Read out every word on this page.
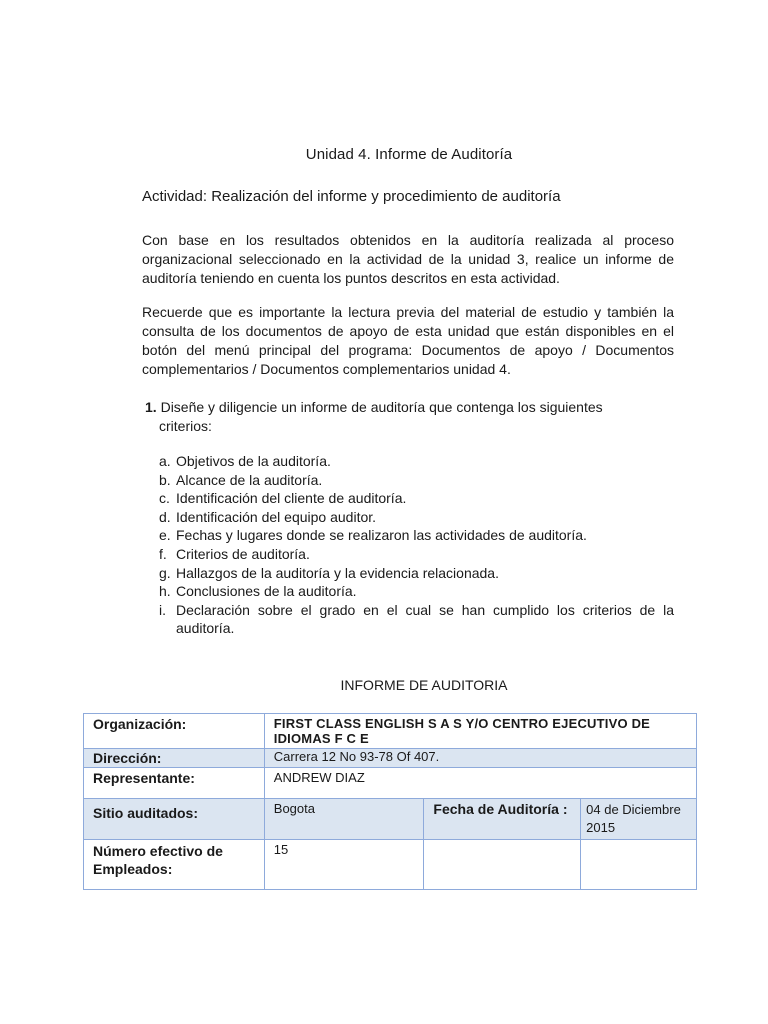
Unidad 4. Informe de Auditoría
Actividad: Realización del informe y procedimiento de auditoría
Con base en los resultados obtenidos en la auditoría realizada al proceso organizacional seleccionado en la actividad de la unidad 3, realice un informe de auditoría teniendo en cuenta los puntos descritos en esta actividad.
Recuerde que es importante la lectura previa del material de estudio y también la consulta de los documentos de apoyo de esta unidad que están disponibles en el botón del menú principal del programa: Documentos de apoyo / Documentos complementarios / Documentos complementarios unidad 4.
1. Diseñe y diligencie un informe de auditoría que contenga los siguientes
criterios:
a. Objetivos de la auditoría.
b. Alcance de la auditoría.
c. Identificación del cliente de auditoría.
d. Identificación del equipo auditor.
e. Fechas y lugares donde se realizaron las actividades de auditoría.
f. Criterios de auditoría.
g. Hallazgos de la auditoría y la evidencia relacionada.
h. Conclusiones de la auditoría.
i. Declaración sobre el grado en el cual se han cumplido los criterios de la auditoría.
INFORME DE AUDITORIA
Organización:	FIRST CLASS ENGLISH S A S Y/O CENTRO EJECUTIVO DE IDIOMAS F C E		
Dirección:	Carrera 12 No 93-78 Of 407.		
Representante:	ANDREW DIAZ		
Sitio auditados:	Bogota	Fecha de Auditoría :	04 de Diciembre 2015
Número efectivo de Empleados:	15		
